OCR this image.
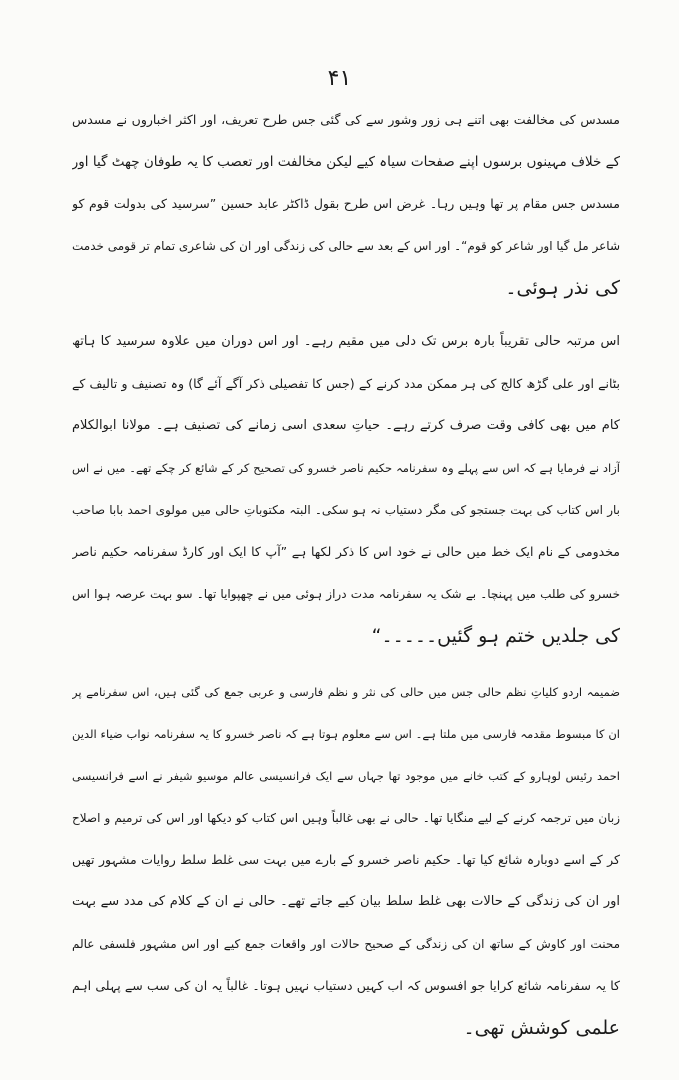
۴۱
مسدس کی مخالفت بھی اتنے ہی زور وشور سے کی گئی جس طرح تعریف، اور اکثر اخباروں نے مسدس
کے خلاف مہینوں برسوں اپنے صفحات سیاہ کیے لیکن مخالفت اور تعصب کا یہ طوفان چھٹ گیا اور
مسدس جس مقام پر تھا وہیں رہا۔ غرض اس طرح بقول ڈاکٹر عابد حسین ”سرسید کی بدولت قوم کو
شاعر مل گیا اور شاعر کو قوم“۔ اور اس کے بعد سے حالی کی زندگی اور ان کی شاعری تمام تر قومی خدمت
کی نذر ہوئی۔
اس مرتبہ حالی تقریباً بارہ برس تک دلی میں مقیم رہے۔ اور اس دوران میں علاوہ سرسید کا ہاتھ
بٹانے اور علی گڑھ کالج کی ہر ممکن مدد کرنے کے (جس کا تفصیلی ذکر آگے آئے گا) وہ تصنیف و تالیف کے
کام میں بھی کافی وقت صرف کرتے رہے۔ حیاتِ سعدی اسی زمانے کی تصنیف ہے۔ مولانا ابوالکلام
آزاد نے فرمایا ہے کہ اس سے پہلے وہ سفرنامہ حکیم ناصر خسرو کی تصحیح کر کے شائع کر چکے تھے۔ میں نے اس
بار اس کتاب کی بہت جستجو کی مگر دستیاب نہ ہو سکی۔ البتہ مکتوباتِ حالی میں مولوی احمد بابا صاحب
مخدومی کے نام ایک خط میں حالی نے خود اس کا ذکر لکھا ہے ”آپ کا ایک اور کارڈ سفرنامہ حکیم ناصر
خسرو کی طلب میں پہنچا۔ بے شک یہ سفرنامہ مدت دراز ہوئی میں نے چھپوایا تھا۔ سو بہت عرصہ ہوا اس
کی جلدیں ختم ہو گئیں۔۔۔۔۔“
ضمیمہ اردو کلیاتِ نظم حالی جس میں حالی کی نثر و نظم فارسی و عربی جمع کی گئی ہیں، اس سفرنامے پر
ان کا مبسوط مقدمہ فارسی میں ملتا ہے۔ اس سے معلوم ہوتا ہے کہ ناصر خسرو کا یہ سفرنامہ نواب ضیاء الدین
احمد رئیس لوہارو کے کتب خانے میں موجود تھا جہاں سے ایک فرانسیسی عالم موسیو شیفر نے اسے فرانسیسی
زبان میں ترجمہ کرنے کے لیے منگایا تھا۔ حالی نے بھی غالباً وہیں اس کتاب کو دیکھا اور اس کی ترمیم و اصلاح
کر کے اسے دوبارہ شائع کیا تھا۔ حکیم ناصر خسرو کے بارے میں بہت سی غلط سلط روایات مشہور تھیں
اور ان کی زندگی کے حالات بھی غلط سلط بیان کیے جاتے تھے۔ حالی نے ان کے کلام کی مدد سے بہت
محنت اور کاوش کے ساتھ ان کی زندگی کے صحیح حالات اور واقعات جمع کیے اور اس مشہور فلسفی عالم
کا یہ سفرنامہ شائع کرایا جو افسوس کہ اب کہیں دستیاب نہیں ہوتا۔ غالباً یہ ان کی سب سے پہلی اہم
علمی کوشش تھی۔
